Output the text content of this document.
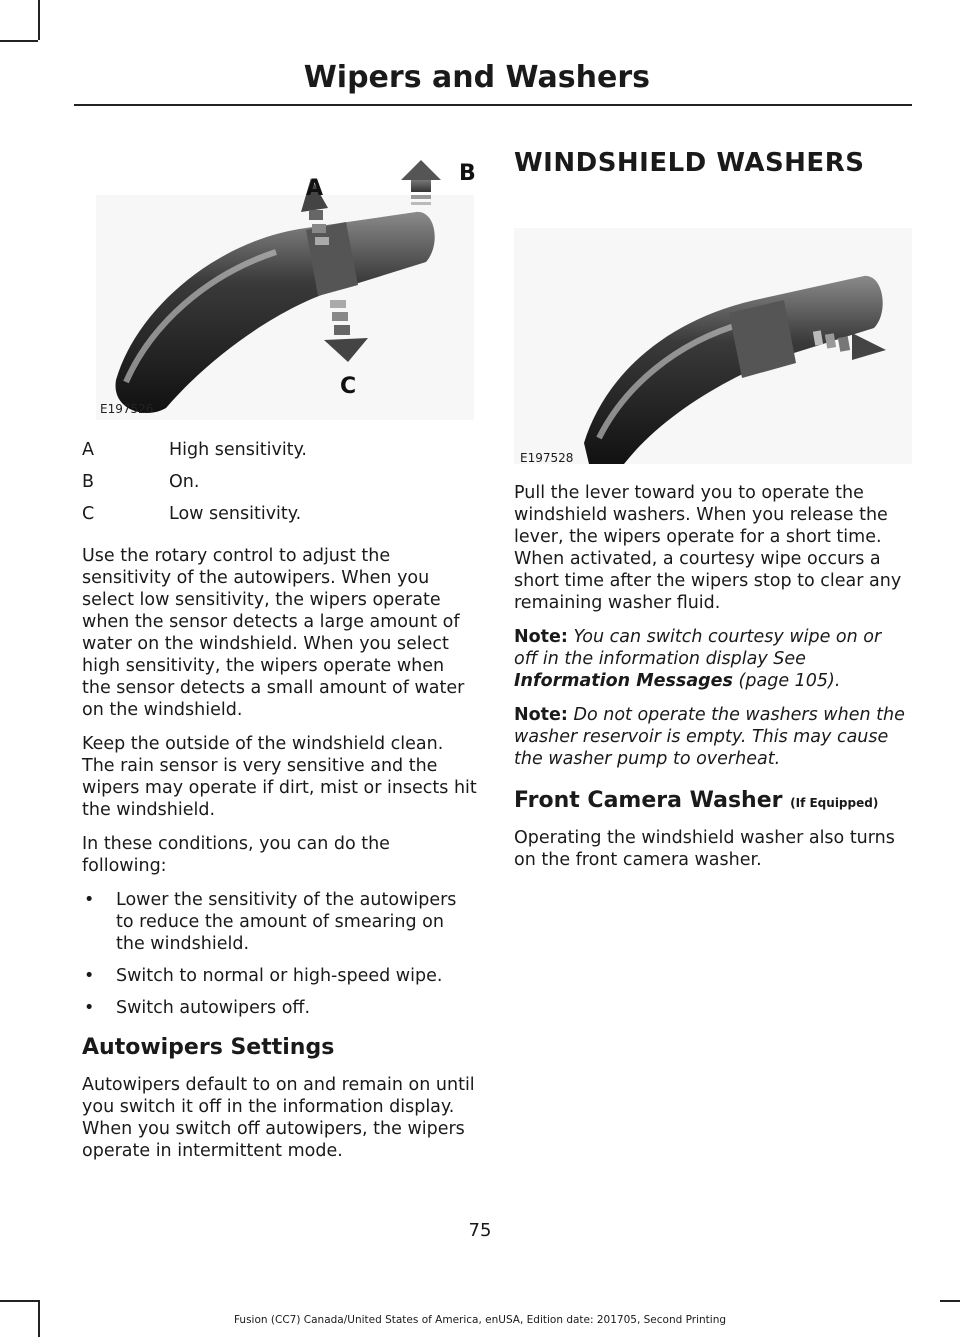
Wipers and Washers
A
B
C
E197526
A	High sensitivity.
B	On.
C	Low sensitivity.

Use the rotary control to adjust the sensitivity of the autowipers. When you select low sensitivity, the wipers operate when the sensor detects a large amount of water on the windshield. When you select high sensitivity, the wipers operate when the sensor detects a small amount of water on the windshield.

Keep the outside of the windshield clean. The rain sensor is very sensitive and the wipers may operate if dirt, mist or insects hit the windshield.

In these conditions, you can do the following:

• Lower the sensitivity of the autowipers to reduce the amount of smearing on the windshield.
• Switch to normal or high-speed wipe.
• Switch autowipers off.
Autowipers Settings

Autowipers default to on and remain on until you switch it off in the information display. When you switch off autowipers, the wipers operate in intermittent mode.

WINDSHIELD WASHERS
E197528

Pull the lever toward you to operate the windshield washers. When you release the lever, the wipers operate for a short time. When activated, a courtesy wipe occurs a short time after the wipers stop to clear any remaining washer fluid.

Note: You can switch courtesy wipe on or off in the information display See Information Messages (page 105).

Note: Do not operate the washers when the washer reservoir is empty. This may cause the washer pump to overheat.

Front Camera Washer (If Equipped)

Operating the windshield washer also turns on the front camera washer.

75
Fusion (CC7) Canada/United States of America, enUSA, Edition date: 201705, Second Printing
